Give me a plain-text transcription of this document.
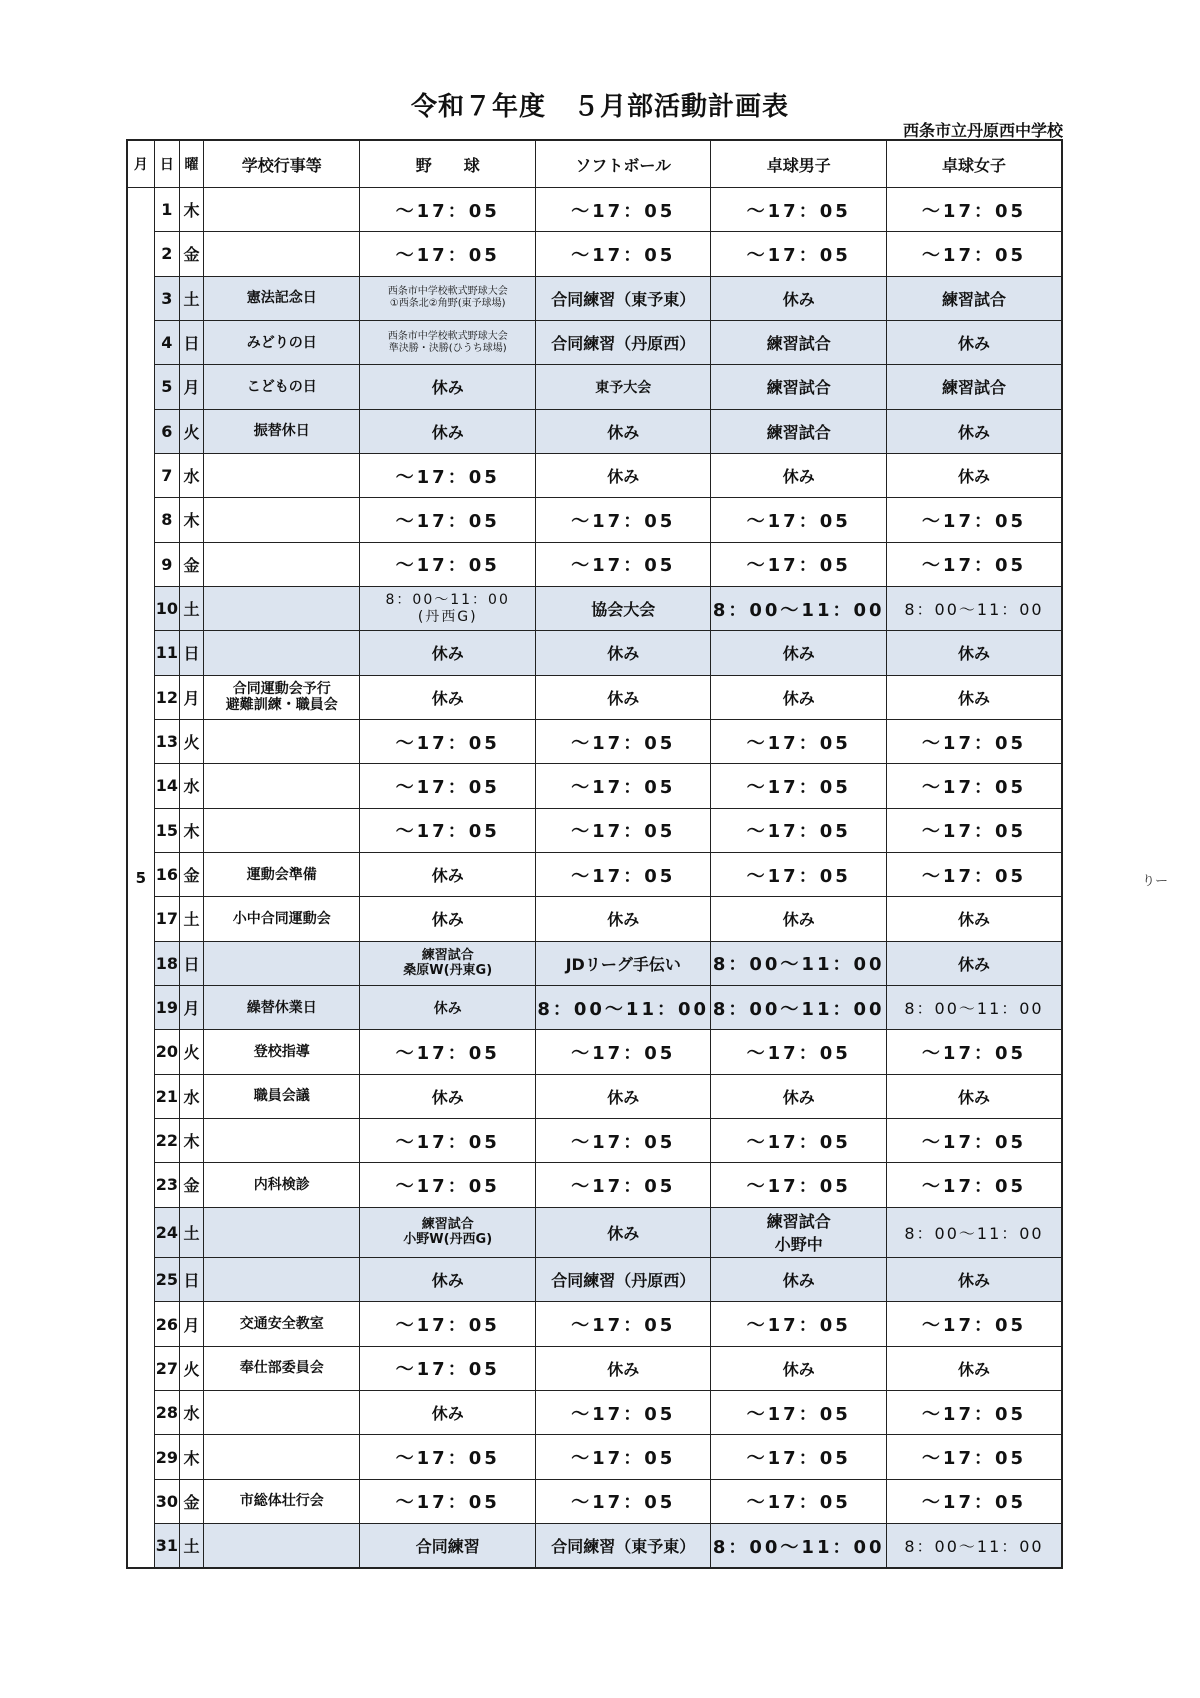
令和７年度　５月部活動計画表
西条市立丹原西中学校
りー
月	日	曜	学校行事等	野　　球	ソフトボール	卓球男子	卓球女子
5	1	木		～17：05	～17：05	～17：05	～17：05
	2	金		～17：05	～17：05	～17：05	～17：05
	3	土	憲法記念日	西条市中学校軟式野球大会
①西条北②角野(東予球場)	合同練習（東予東）	休み	練習試合
	4	日	みどりの日	西条市中学校軟式野球大会
準決勝・決勝(ひうち球場)	合同練習（丹原西）	練習試合	休み
	5	月	こどもの日	休み	東予大会	練習試合	練習試合
	6	火	振替休日	休み	休み	練習試合	休み
	7	水		～17：05	休み	休み	休み
	8	木		～17：05	～17：05	～17：05	～17：05
	9	金		～17：05	～17：05	～17：05	～17：05
	10	土		8：00～11：00
(丹西G)	協会大会	8：00～11：00	8：00～11：00
	11	日		休み	休み	休み	休み
	12	月	合同運動会予行
避難訓練・職員会	休み	休み	休み	休み
	13	火		～17：05	～17：05	～17：05	～17：05
	14	水		～17：05	～17：05	～17：05	～17：05
	15	木		～17：05	～17：05	～17：05	～17：05
	16	金	運動会準備	休み	～17：05	～17：05	～17：05
	17	土	小中合同運動会	休み	休み	休み	休み
	18	日		練習試合
桑原W(丹東G)	JDリーグ手伝い	8：00～11：00	休み
	19	月	繰替休業日	休み	8：00～11：00	8：00～11：00	8：00～11：00
	20	火	登校指導	～17：05	～17：05	～17：05	～17：05
	21	水	職員会議	休み	休み	休み	休み
	22	木		～17：05	～17：05	～17：05	～17：05
	23	金	内科検診	～17：05	～17：05	～17：05	～17：05
	24	土		練習試合
小野W(丹西G)	休み	練習試合
小野中	8：00～11：00
	25	日		休み	合同練習（丹原西）	休み	休み
	26	月	交通安全教室	～17：05	～17：05	～17：05	～17：05
	27	火	奉仕部委員会	～17：05	休み	休み	休み
	28	水		休み	～17：05	～17：05	～17：05
	29	木		～17：05	～17：05	～17：05	～17：05
	30	金	市総体壮行会	～17：05	～17：05	～17：05	～17：05
	31	土		合同練習	合同練習（東予東）	8：00～11：00	8：00～11：00
